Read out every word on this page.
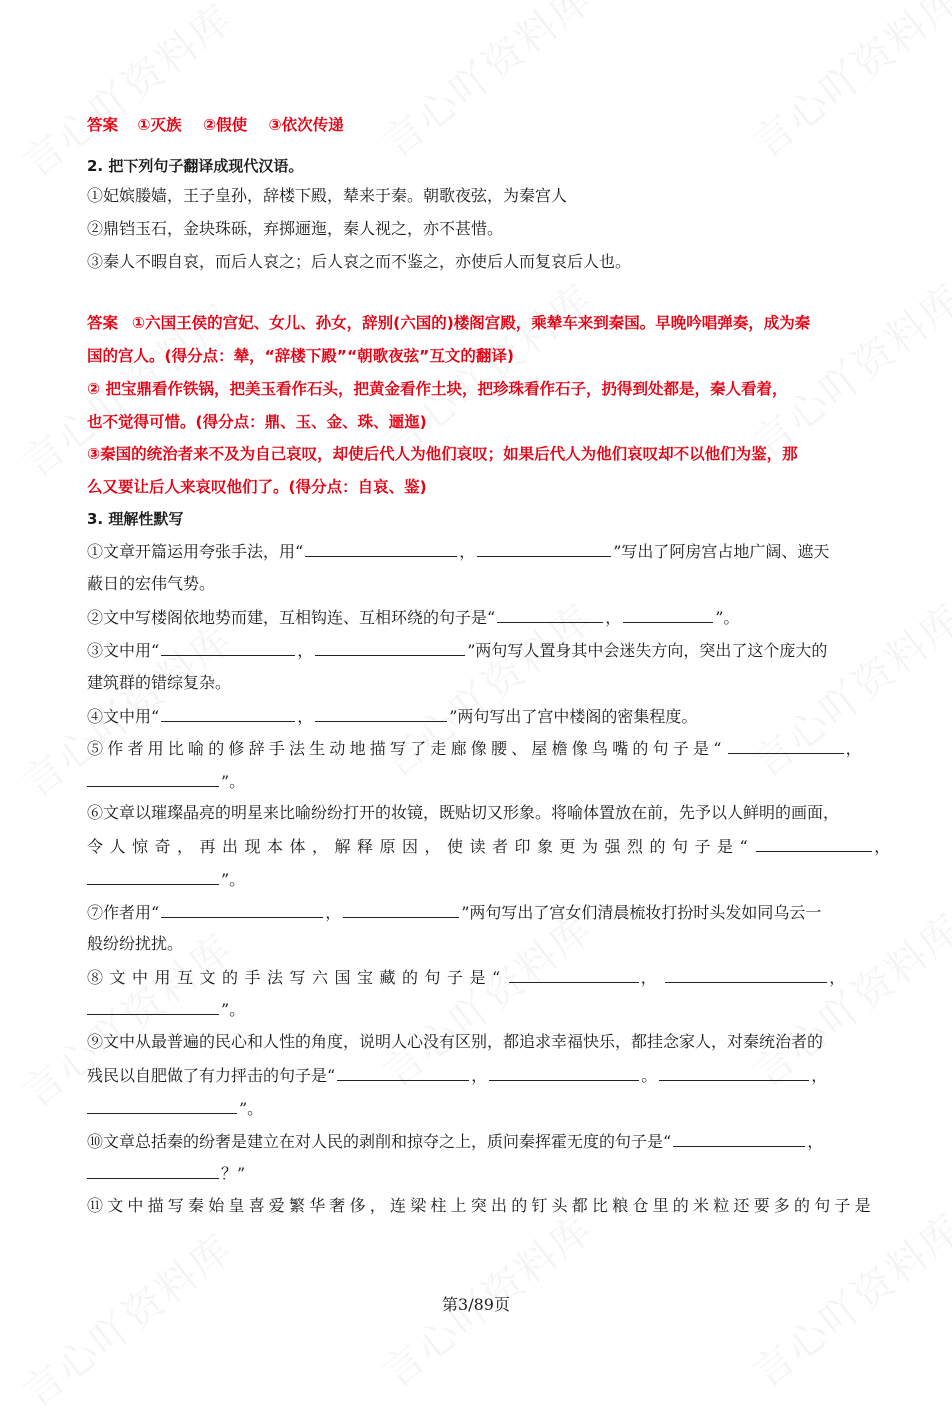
答案 ①灭族 ②假使 ③依次传递
2. 把下列句子翻译成现代汉语。
①妃嫔媵嫱，王子皇孙，辞楼下殿，辇来于秦。朝歌夜弦，为秦宫人
②鼎铛玉石，金块珠砾，弃掷逦迤，秦人视之，亦不甚惜。
③秦人不暇自哀，而后人哀之；后人哀之而不鉴之，亦使后人而复哀后人也。
答案 ①六国王侯的宫妃、女儿、孙女，辞别(六国的)楼阁宫殿，乘辇车来到秦国。早晚吟唱弹奏，成为秦
国的宫人。(得分点：辇，“辞楼下殿”“朝歌夜弦”互文的翻译)
② 把宝鼎看作铁锅，把美玉看作石头，把黄金看作土块，把珍珠看作石子，扔得到处都是，秦人看着，
也不觉得可惜。(得分点：鼎、玉、金、珠、逦迤)
③秦国的统治者来不及为自己哀叹，却使后代人为他们哀叹；如果后代人为他们哀叹却不以他们为鉴，那
么又要让后人来哀叹他们了。(得分点：自哀、鉴)
3. 理解性默写
①文章开篇运用夸张手法，用“	，	”写出了阿房宫占地广阔、遮天
蔽日的宏伟气势。
②文中写楼阁依地势而建，互相钩连、互相环绕的句子是“	，	”。
③文中用“	，	”两句写人置身其中会迷失方向，突出了这个庞大的
建筑群的错综复杂。
④文中用“	，	”两句写出了宫中楼阁的密集程度。
⑤作者用比喻的修辞手法生动地描写了走廊像腰、屋檐像鸟嘴的句子是“	，
”。
⑥文章以璀璨晶亮的明星来比喻纷纷打开的妆镜，既贴切又形象。将喻体置放在前，先予以人鲜明的画面，
令人惊奇，再出现本体，解释原因，使读者印象更为强烈的句子是“	，
”。
⑦作者用“	，	”两句写出了宫女们清晨梳妆打扮时头发如同乌云一
般纷纷扰扰。
⑧文中用互文的手法写六国宝藏的句子是“	，	，
”。
⑨文中从最普遍的民心和人性的角度，说明人心没有区别，都追求幸福快乐，都挂念家人，对秦统治者的
残民以自肥做了有力抨击的句子是“	，	。	，
”。
⑩文章总括秦的纷奢是建立在对人民的剥削和掠夺之上，质问秦挥霍无度的句子是“	，
？”
⑪文中描写秦始皇喜爱繁华奢侈，连梁柱上突出的钉头都比粮仓里的米粒还要多的句子是
第3/89页
